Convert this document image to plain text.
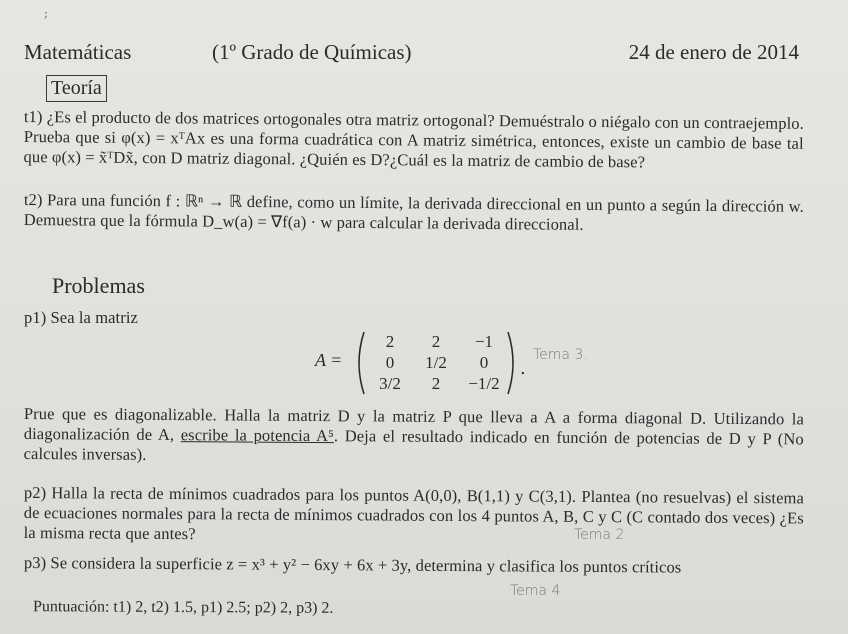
;
Matemáticas	(1º Grado de Químicas)	24 de enero de 2014
Teoría
t1) ¿Es el producto de dos matrices ortogonales otra matriz ortogonal? Demuéstralo o niégalo con un contraejemplo. Prueba que si φ(x) = xᵀAx es una forma cuadrática con A matriz simétrica, entonces, existe un cambio de base tal que φ(x) = x̃ᵀDx̃, con D matriz diagonal. ¿Quién es D?¿Cuál es la matriz de cambio de base?
t2) Para una función f : ℝⁿ → ℝ define, como un límite, la derivada direccional en un punto a según la dirección w. Demuestra que la fórmula D_w(a) = ∇f(a) · w para calcular la derivada direccional.
Problemas
p1) Sea la matriz
A =
2	2	−1
0	1/2	0
3/2	2	−1/2
.
Tema 3.
Prue que es diagonalizable. Halla la matriz D y la matriz P que lleva a A a forma diagonal D. Utilizando la diagonalización de A, escribe la potencia A⁵. Deja el resultado indicado en función de potencias de D y P (No calcules inversas).
p2) Halla la recta de mínimos cuadrados para los puntos A(0,0), B(1,1) y C(3,1). Plantea (no resuelvas) el sistema de ecuaciones normales para la recta de mínimos cuadrados con los 4 puntos A, B, C y C (C contado dos veces) ¿Es la misma recta que antes?	Tema 2
p3) Se considera la superficie z = x³ + y² − 6xy + 6x + 3y, determina y clasifica los puntos críticos
Tema 4
Puntuación: t1) 2, t2) 1.5, p1) 2.5; p2) 2, p3) 2.
